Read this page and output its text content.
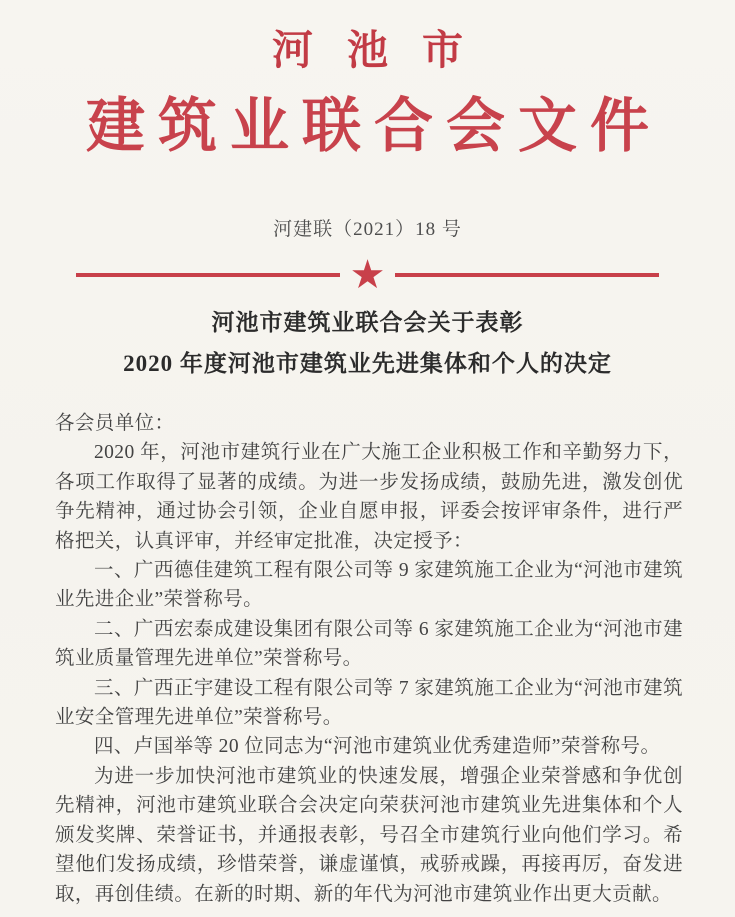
河池市
建筑业联合会文件
河建联（2021）18 号
★
河池市建筑业联合会关于表彰
2020 年度河池市建筑业先进集体和个人的决定

各会员单位：

2020 年，河池市建筑行业在广大施工企业积极工作和辛勤努力下，各项工作取得了显著的成绩。为进一步发扬成绩，鼓励先进，激发创优争先精神，通过协会引领，企业自愿申报，评委会按评审条件，进行严格把关，认真评审，并经审定批准，决定授予：

一、广西德佳建筑工程有限公司等 9 家建筑施工企业为“河池市建筑业先进企业”荣誉称号。

二、广西宏泰成建设集团有限公司等 6 家建筑施工企业为“河池市建筑业质量管理先进单位”荣誉称号。

三、广西正宇建设工程有限公司等 7 家建筑施工企业为“河池市建筑业安全管理先进单位”荣誉称号。

四、卢国举等 20 位同志为“河池市建筑业优秀建造师”荣誉称号。

为进一步加快河池市建筑业的快速发展，增强企业荣誉感和争优创先精神，河池市建筑业联合会决定向荣获河池市建筑业先进集体和个人颁发奖牌、荣誉证书，并通报表彰，号召全市建筑行业向他们学习。希望他们发扬成绩，珍惜荣誉，谦虚谨慎，戒骄戒躁，再接再厉，奋发进取，再创佳绩。在新的时期、新的年代为河池市建筑业作出更大贡献。
